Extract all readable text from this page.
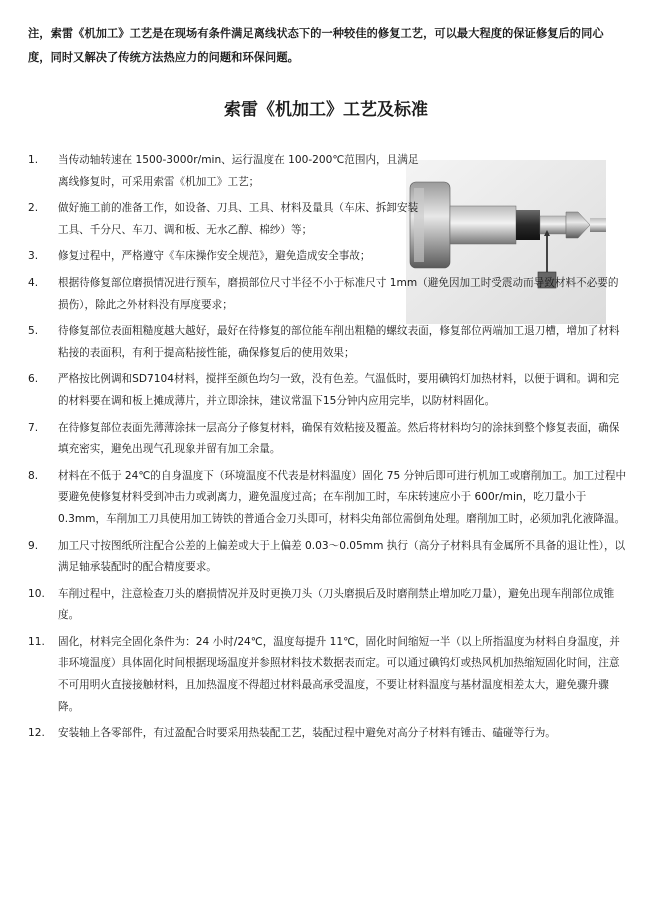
注，索雷《机加工》工艺是在现场有条件满足离线状态下的一种较佳的修复工艺，可以最大程度的保证修复后的同心度，同时又解决了传统方法热应力的问题和环保问题。
索雷《机加工》工艺及标准
1. 当传动轴转速在 1500-3000r/min、运行温度在 100-200℃范围内，且满足离线修复时，可采用索雷《机加工》工艺；
2. 做好施工前的准备工作，如设备、刀具、工具、材料及量具（车床、拆卸安装工具、千分尺、车刀、调和板、无水乙醇、棉纱）等；
3. 修复过程中，严格遵守《车床操作安全规范》，避免造成安全事故；
4. 根据待修复部位磨损情况进行预车，磨损部位尺寸半径不小于标准尺寸 1mm（避免因加工时受震动而导致材料不必要的损伤），除此之外材料没有厚度要求；
5. 待修复部位表面粗糙度越大越好，最好在待修复的部位能车削出粗糙的螺纹表面，修复部位两端加工退刀槽，增加了材料粘接的表面积，有利于提高粘接性能，确保修复后的使用效果；
6. 严格按比例调和SD7104材料，搅拌至颜色均匀一致，没有色差。气温低时，要用碘钨灯加热材料，以便于调和。调和完的材料要在调和板上摊成薄片，并立即涂抹，建议常温下15分钟内应用完毕，以防材料固化。
7. 在待修复部位表面先薄薄涂抹一层高分子修复材料，确保有效粘接及覆盖。然后将材料均匀的涂抹到整个修复表面，确保填充密实，避免出现气孔现象并留有加工余量。
8. 材料在不低于 24℃的自身温度下（环境温度不代表是材料温度）固化 75 分钟后即可进行机加工或磨削加工。加工过程中要避免使修复材料受到冲击力或剥离力，避免温度过高；在车削加工时，车床转速应小于 600r/min，吃刀量小于 0.3mm，车削加工刀具使用加工铸铁的普通合金刀头即可，材料尖角部位需倒角处理。磨削加工时，必须加乳化液降温。
9. 加工尺寸按图纸所注配合公差的上偏差或大于上偏差 0.03～0.05mm 执行（高分子材料具有金属所不具备的退让性），以满足轴承装配时的配合精度要求。
10. 车削过程中，注意检查刀头的磨损情况并及时更换刀头（刀头磨损后及时磨削禁止增加吃刀量），避免出现车削部位成锥度。
11. 固化，材料完全固化条件为：24 小时/24℃，温度每提升 11℃，固化时间缩短一半（以上所指温度为材料自身温度，并非环境温度）具体固化时间根据现场温度并参照材料技术数据表而定。可以通过碘钨灯或热风机加热缩短固化时间，注意不可用明火直接接触材料，且加热温度不得超过材料最高承受温度，不要让材料温度与基材温度相差太大，避免骤升骤降。
12. 安装轴上各零部件，有过盈配合时要采用热装配工艺，装配过程中避免对高分子材料有锤击、磕碰等行为。
